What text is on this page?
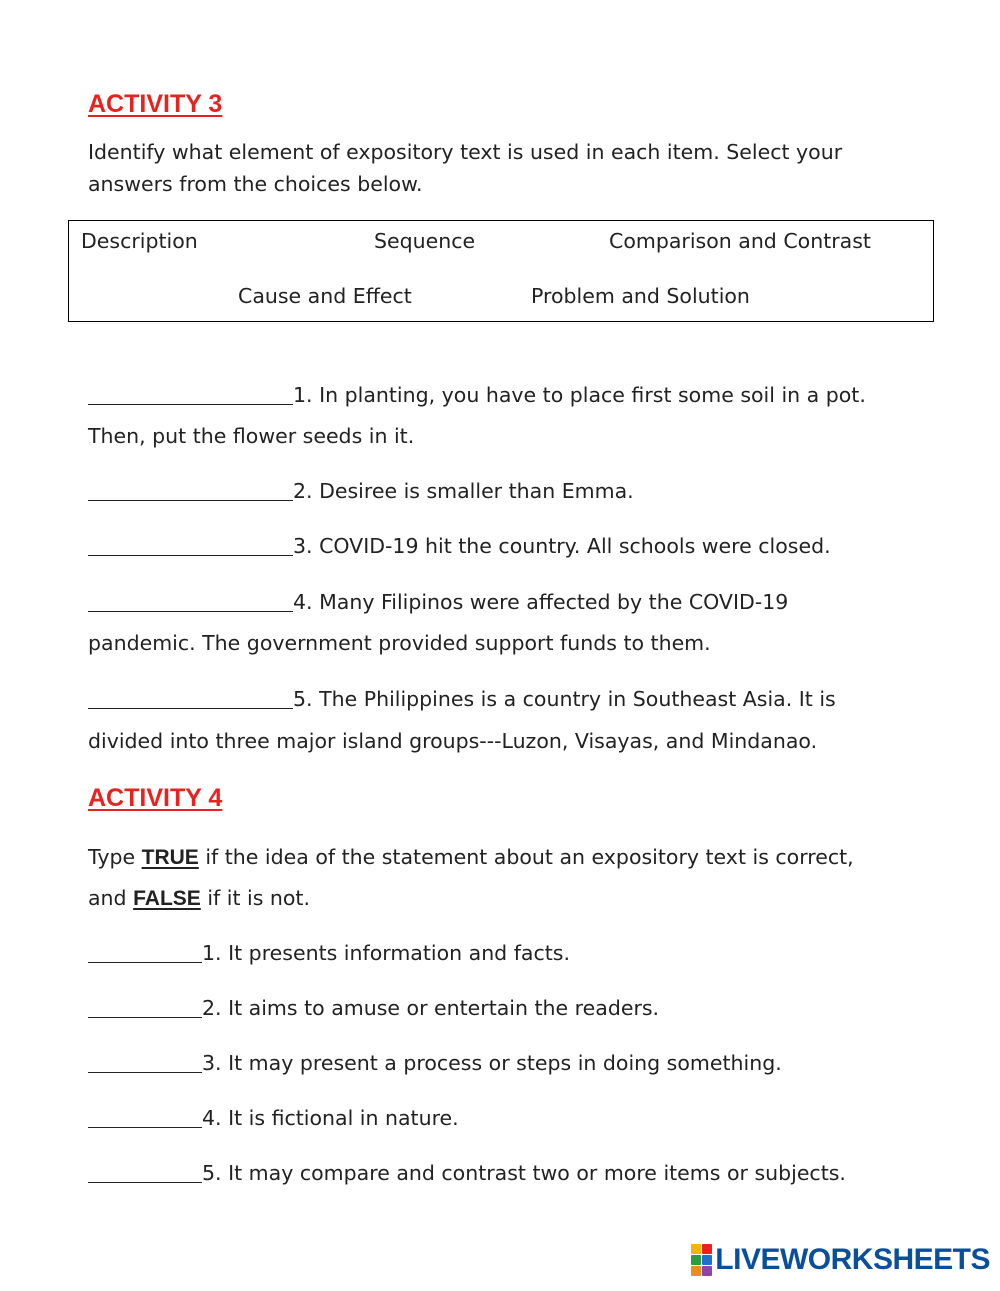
ACTIVITY 3
Identify what element of expository text is used in each item. Select your
answers from the choices below.
Description	Sequence	Comparison and Contrast
Cause and Effect	Problem and Solution
1. In planting, you have to place first some soil in a pot.
Then, put the flower seeds in it.
2. Desiree is smaller than Emma.
3. COVID-19 hit the country. All schools were closed.
4. Many Filipinos were affected by the COVID-19
pandemic. The government provided support funds to them.
5. The Philippines is a country in Southeast Asia. It is
divided into three major island groups---Luzon, Visayas, and Mindanao.
ACTIVITY 4
Type TRUE if the idea of the statement about an expository text is correct,
and FALSE if it is not.
1. It presents information and facts.
2. It aims to amuse or entertain the readers.
3. It may present a process or steps in doing something.
4. It is fictional in nature.
5. It may compare and contrast two or more items or subjects.
LIVEWORKSHEETS
